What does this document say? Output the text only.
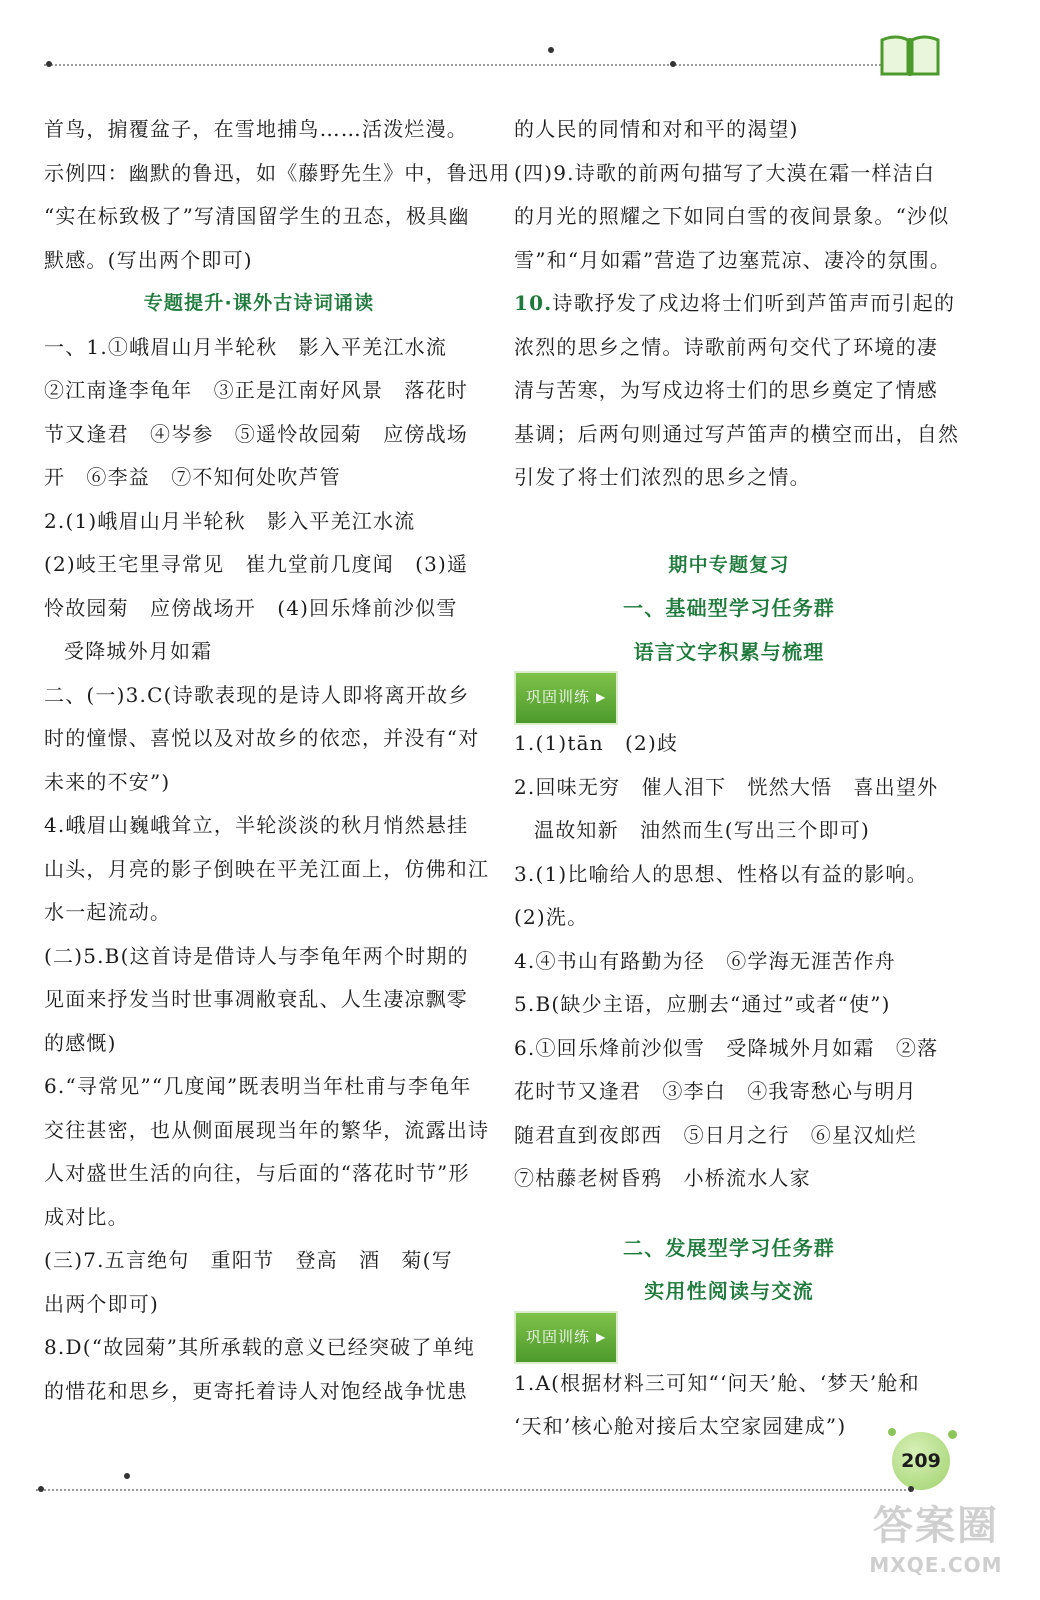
首鸟，掮覆盆子，在雪地捕鸟……活泼烂漫。
示例四：幽默的鲁迅，如《藤野先生》中，鲁迅用
“实在标致极了”写清国留学生的丑态，极具幽
默感。(写出两个即可)
专题提升·课外古诗词诵读
一、1.①峨眉山月半轮秋　影入平羌江水流
②江南逢李龟年　③正是江南好风景　落花时
节又逢君　④岑参　⑤遥怜故园菊　应傍战场
开　⑥李益　⑦不知何处吹芦管
2.(1)峨眉山月半轮秋　影入平羌江水流
(2)岐王宅里寻常见　崔九堂前几度闻　(3)遥
怜故园菊　应傍战场开　(4)回乐烽前沙似雪
受降城外月如霜
二、(一)3.C(诗歌表现的是诗人即将离开故乡
时的憧憬、喜悦以及对故乡的依恋，并没有“对
未来的不安”)
4.峨眉山巍峨耸立，半轮淡淡的秋月悄然悬挂
山头，月亮的影子倒映在平羌江面上，仿佛和江
水一起流动。
(二)5.B(这首诗是借诗人与李龟年两个时期的
见面来抒发当时世事凋敝衰乱、人生凄凉飘零
的感慨)
6.“寻常见”“几度闻”既表明当年杜甫与李龟年
交往甚密，也从侧面展现当年的繁华，流露出诗
人对盛世生活的向往，与后面的“落花时节”形
成对比。
(三)7.五言绝句　重阳节　登高　酒　菊(写
出两个即可)
8.D(“故园菊”其所承载的意义已经突破了单纯
的惜花和思乡，更寄托着诗人对饱经战争忧患
的人民的同情和对和平的渴望)
(四)9.诗歌的前两句描写了大漠在霜一样洁白
的月光的照耀之下如同白雪的夜间景象。“沙似
雪”和“月如霜”营造了边塞荒凉、凄冷的氛围。
10.诗歌抒发了戍边将士们听到芦笛声而引起的
浓烈的思乡之情。诗歌前两句交代了环境的凄
清与苦寒，为写戍边将士们的思乡奠定了情感
基调；后两句则通过写芦笛声的横空而出，自然
引发了将士们浓烈的思乡之情。
期中专题复习
一、基础型学习任务群
语言文字积累与梳理
巩固训练 ▶
1.(1)tān　(2)歧
2.回味无穷　催人泪下　恍然大悟　喜出望外
温故知新　油然而生(写出三个即可)
3.(1)比喻给人的思想、性格以有益的影响。
(2)洗。
4.④书山有路勤为径　⑥学海无涯苦作舟
5.B(缺少主语，应删去“通过”或者“使”)
6.①回乐烽前沙似雪　受降城外月如霜　②落
花时节又逢君　③李白　④我寄愁心与明月
随君直到夜郎西　⑤日月之行　⑥星汉灿烂
⑦枯藤老树昏鸦　小桥流水人家
二、发展型学习任务群
实用性阅读与交流
巩固训练 ▶
1.A(根据材料三可知“‘问天’舱、‘梦天’舱和
‘天和’核心舱对接后太空家园建成”)
209
答案圈
MXQE.COM
